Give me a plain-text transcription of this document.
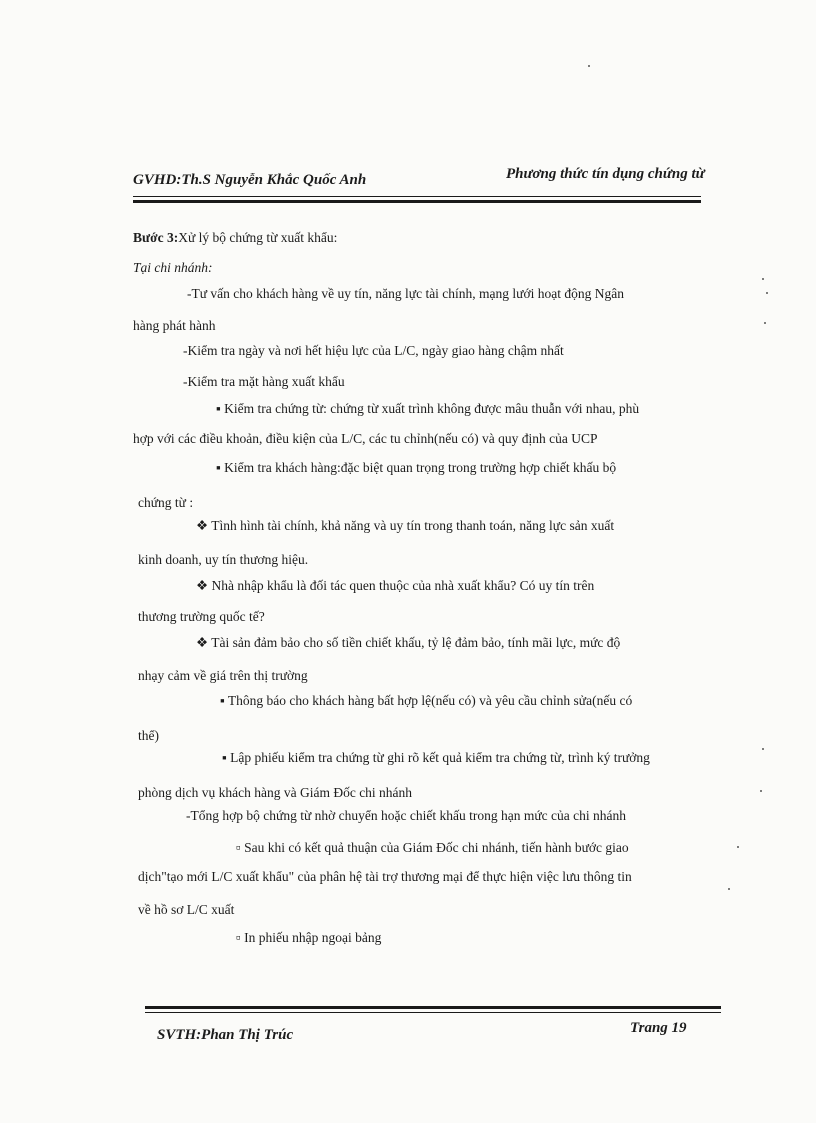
GVHD:Th.S Nguyễn Khắc Quốc Anh	Phương thức tín dụng chứng từ
Bước 3:Xử lý bộ chứng từ xuất khẩu:
Tại chi nhánh:
-Tư vấn cho khách hàng về uy tín, năng lực tài chính, mạng lưới hoạt động Ngân
hàng phát hành
-Kiểm tra ngày và nơi hết hiệu lực của L/C, ngày giao hàng chậm nhất
-Kiểm tra mặt hàng xuất khẩu
▪ Kiểm tra chứng từ: chứng từ xuất trình không được mâu thuẫn với nhau, phù
hợp với các điều khoản, điều kiện của L/C, các tu chỉnh(nếu có) và quy định của UCP
▪ Kiểm tra khách hàng:đặc biệt quan trọng trong trường hợp chiết khấu bộ
chứng từ :
❖ Tình hình tài chính, khả năng và uy tín trong thanh toán, năng lực sản xuất
kinh doanh, uy tín thương hiệu.
❖ Nhà nhập khẩu là đối tác quen thuộc của nhà xuất khẩu? Có uy tín trên
thương trường quốc tế?
❖ Tài sản đảm bảo cho số tiền chiết khấu, tỷ lệ đảm bảo, tính mãi lực, mức độ
nhạy cảm về giá trên thị trường
▪ Thông báo cho khách hàng bất hợp lệ(nếu có) và yêu cầu chỉnh sửa(nếu có
thể)
▪ Lập phiếu kiểm tra chứng từ ghi rõ kết quả kiểm tra chứng từ, trình ký trưởng
phòng dịch vụ khách hàng và Giám Đốc chi nhánh
-Tổng hợp bộ chứng từ nhờ chuyển hoặc chiết khấu trong hạn mức của chi nhánh
▫ Sau khi có kết quả thuận của Giám Đốc chi nhánh, tiến hành bước giao
dịch"tạo mới L/C xuất khẩu" của phân hệ tài trợ thương mại để thực hiện việc lưu thông tin
về hồ sơ L/C xuất
▫ In phiếu nhập ngoại bảng
SVTH:Phan Thị Trúc	Trang 19
